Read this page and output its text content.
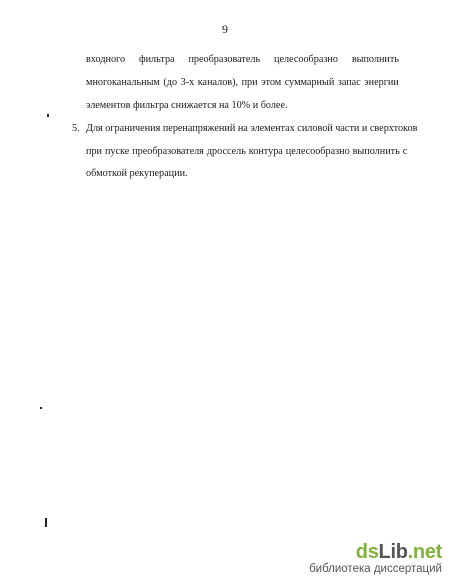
9
входного фильтра преобразователь целесообразно выполнить
многоканальным (до 3-х каналов), при этом суммарный запас энергии
элементов фильтра снижается на 10% и более.
5. Для ограничения перенапряжений на элементах силовой части и сверхтоков
при пуске преобразователя дроссель контура целесообразно выполнить с
обмоткой рекуперации.
dsLib.net
библиотека диссертаций
